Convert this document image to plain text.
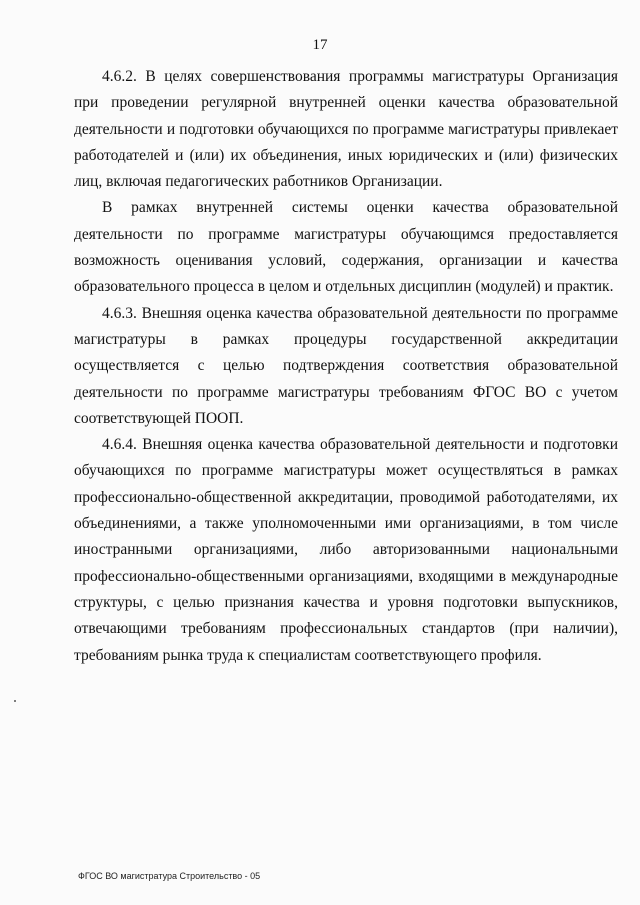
17

4.6.2. В целях совершенствования программы магистратуры Организация при проведении регулярной внутренней оценки качества образовательной деятельности и подготовки обучающихся по программе магистратуры привлекает работодателей и (или) их объединения, иных юридических и (или) физических лиц, включая педагогических работников Организации.

В рамках внутренней системы оценки качества образовательной деятельности по программе магистратуры обучающимся предоставляется возможность оценивания условий, содержания, организации и качества образовательного процесса в целом и отдельных дисциплин (модулей) и практик.

4.6.3. Внешняя оценка качества образовательной деятельности по программе магистратуры в рамках процедуры государственной аккредитации осуществляется с целью подтверждения соответствия образовательной деятельности по программе магистратуры требованиям ФГОС ВО с учетом соответствующей ПООП.

4.6.4. Внешняя оценка качества образовательной деятельности и подготовки обучающихся по программе магистратуры может осуществляться в рамках профессионально-общественной аккредитации, проводимой работодателями, их объединениями, а также уполномоченными ими организациями, в том числе иностранными организациями, либо авторизованными национальными профессионально-общественными организациями, входящими в международные структуры, с целью признания качества и уровня подготовки выпускников, отвечающими требованиям профессиональных стандартов (при наличии), требованиям рынка труда к специалистам соответствующего профиля.

ФГОС ВО магистратура Строительство - 05
